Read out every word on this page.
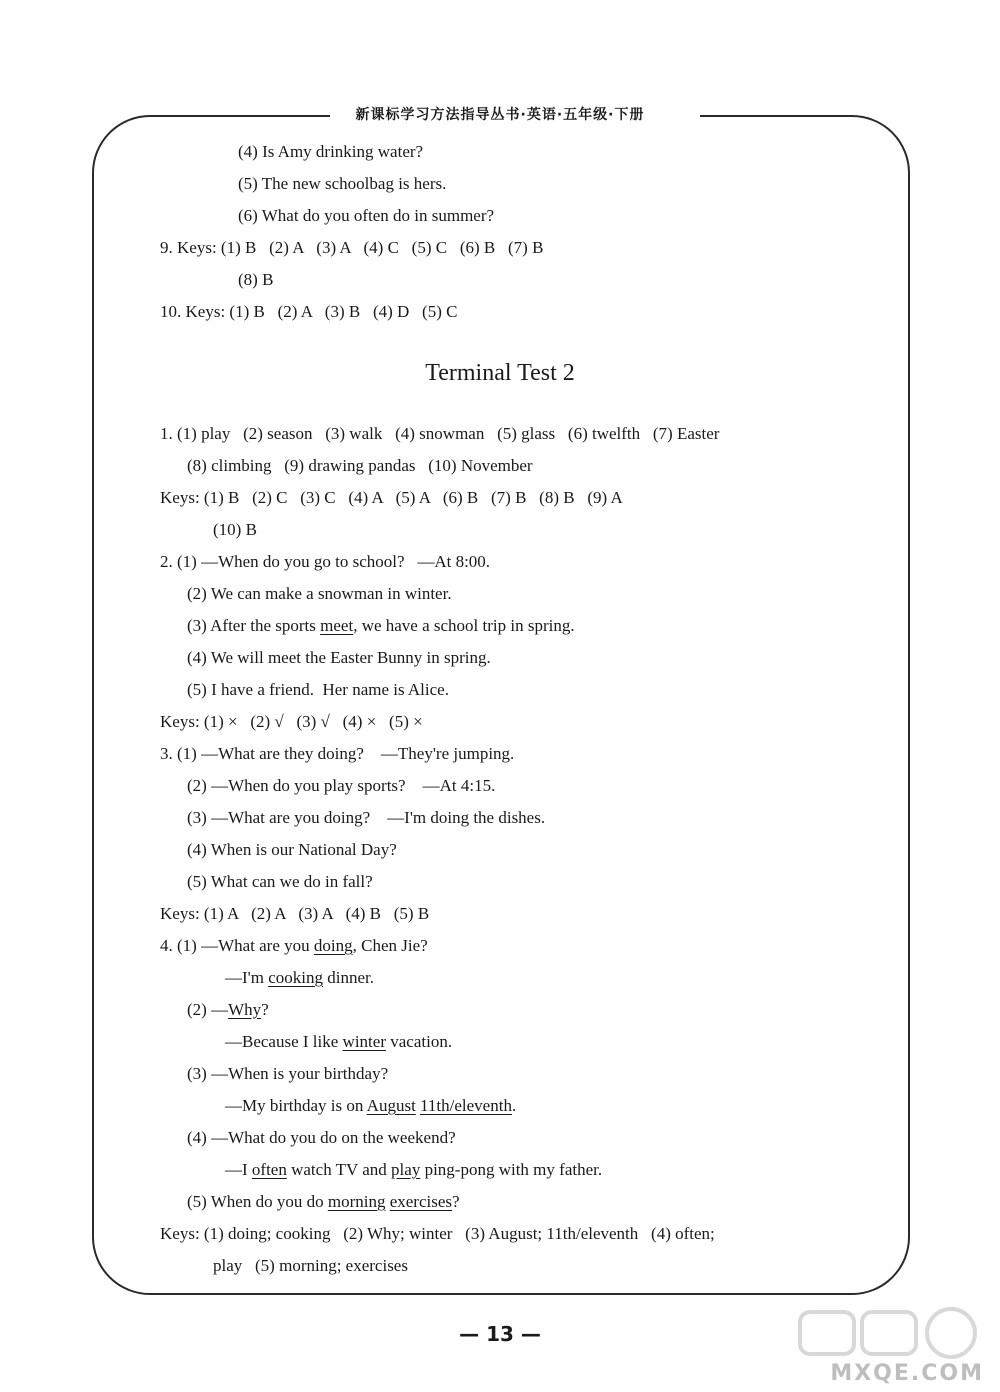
新课标学习方法指导丛书·英语·五年级·下册
(4) Is Amy drinking water?
(5) The new schoolbag is hers.
(6) What do you often do in summer?
9. Keys: (1) B   (2) A   (3) A   (4) C   (5) C   (6) B   (7) B
(8) B
10. Keys: (1) B   (2) A   (3) B   (4) D   (5) C
Terminal Test 2
1. (1) play   (2) season   (3) walk   (4) snowman   (5) glass   (6) twelfth   (7) Easter
(8) climbing   (9) drawing pandas   (10) November
Keys: (1) B   (2) C   (3) C   (4) A   (5) A   (6) B   (7) B   (8) B   (9) A
(10) B
2. (1) —When do you go to school?   —At 8:00.
(2) We can make a snowman in winter.
(3) After the sports meet, we have a school trip in spring.
(4) We will meet the Easter Bunny in spring.
(5) I have a friend.  Her name is Alice.
Keys: (1) ×   (2) √   (3) √   (4) ×   (5) ×
3. (1) —What are they doing?    —They're jumping.
(2) —When do you play sports?    —At 4:15.
(3) —What are you doing?    —I'm doing the dishes.
(4) When is our National Day?
(5) What can we do in fall?
Keys: (1) A   (2) A   (3) A   (4) B   (5) B
4. (1) —What are you doing, Chen Jie?
—I'm cooking dinner.
(2) —Why?
—Because I like winter vacation.
(3) —When is your birthday?
—My birthday is on August 11th/eleventh.
(4) —What do you do on the weekend?
—I often watch TV and play ping-pong with my father.
(5) When do you do morning exercises?
Keys: (1) doing; cooking   (2) Why; winter   (3) August; 11th/eleventh   (4) often;
play   (5) morning; exercises
— 13 —
MXQE.COM
